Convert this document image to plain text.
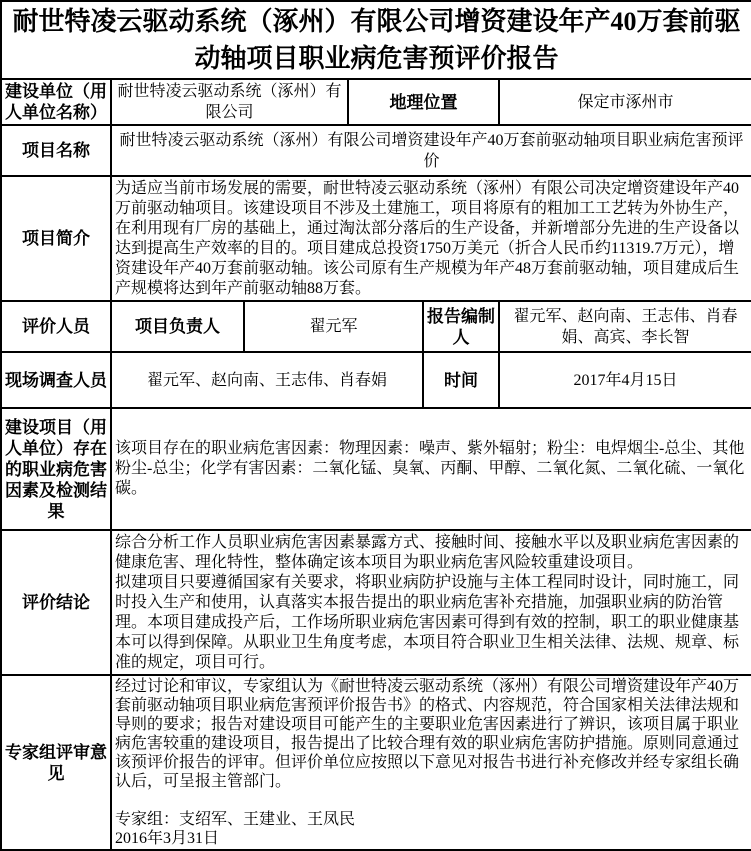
耐世特凌云驱动系统（涿州）有限公司增资建设年产40万套前驱动轴项目职业病危害预评价报告					
建设单位（用人单位名称）	耐世特凌云驱动系统（涿州）有限公司		地理位置		保定市涿州市
项目名称	耐世特凌云驱动系统（涿州）有限公司增资建设年产40万套前驱动轴项目职业病危害预评价				
项目简介	为适应当前市场发展的需要，耐世特凌云驱动系统（涿州）有限公司决定增资建设年产40万前驱动轴项目。该建设项目不涉及土建施工，项目将原有的粗加工工艺转为外协生产，在利用现有厂房的基础上，通过淘汰部分落后的生产设备，并新增部分先进的生产设备以达到提高生产效率的目的。项目建成总投资1750万美元（折合人民币约11319.7万元），增资建设年产40万套前驱动轴。该公司原有生产规模为年产48万套前驱动轴，项目建成后生产规模将达到年产前驱动轴88万套。				
评价人员	项目负责人	翟元军		报告编制人	翟元军、赵向南、王志伟、肖春娟、高宾、李长智
现场调查人员	翟元军、赵向南、王志伟、肖春娟			时间	2017年4月15日
建设项目（用人单位）存在的职业病危害因素及检测结果	该项目存在的职业病危害因素：物理因素：噪声、紫外辐射；粉尘：电焊烟尘-总尘、其他粉尘-总尘；化学有害因素：二氧化锰、臭氧、丙酮、甲醇、二氧化氮、二氧化硫、一氧化碳。				
评价结论	综合分析工作人员职业病危害因素暴露方式、接触时间、接触水平以及职业病危害因素的健康危害、理化特性，整体确定该本项目为职业病危害风险较重建设项目。
拟建项目只要遵循国家有关要求，将职业病防护设施与主体工程同时设计，同时施工，同时投入生产和使用，认真落实本报告提出的职业病危害补充措施，加强职业病的防治管理。本项目建成投产后，工作场所职业病危害因素可得到有效的控制，职工的职业健康基本可以得到保障。从职业卫生角度考虑，本项目符合职业卫生相关法律、法规、规章、标准的规定，项目可行。				

专家组评审意见	经过讨论和审议，专家组认为《耐世特凌云驱动系统（涿州）有限公司增资建设年产40万套前驱动轴项目职业病危害预评价报告书》的格式、内容规范，符合国家相关法律法规和导则的要求；报告对建设项目可能产生的主要职业危害因素进行了辨识，该项目属于职业病危害较重的建设项目，报告提出了比较合理有效的职业病危害防护措施。原则同意通过该预评价报告的评审。但评价单位应按照以下意见对报告书进行补充修改并经专家组长确认后，可呈报主管部门。
专家组：支绍军、王建业、王凤民
2016年3月31日				
